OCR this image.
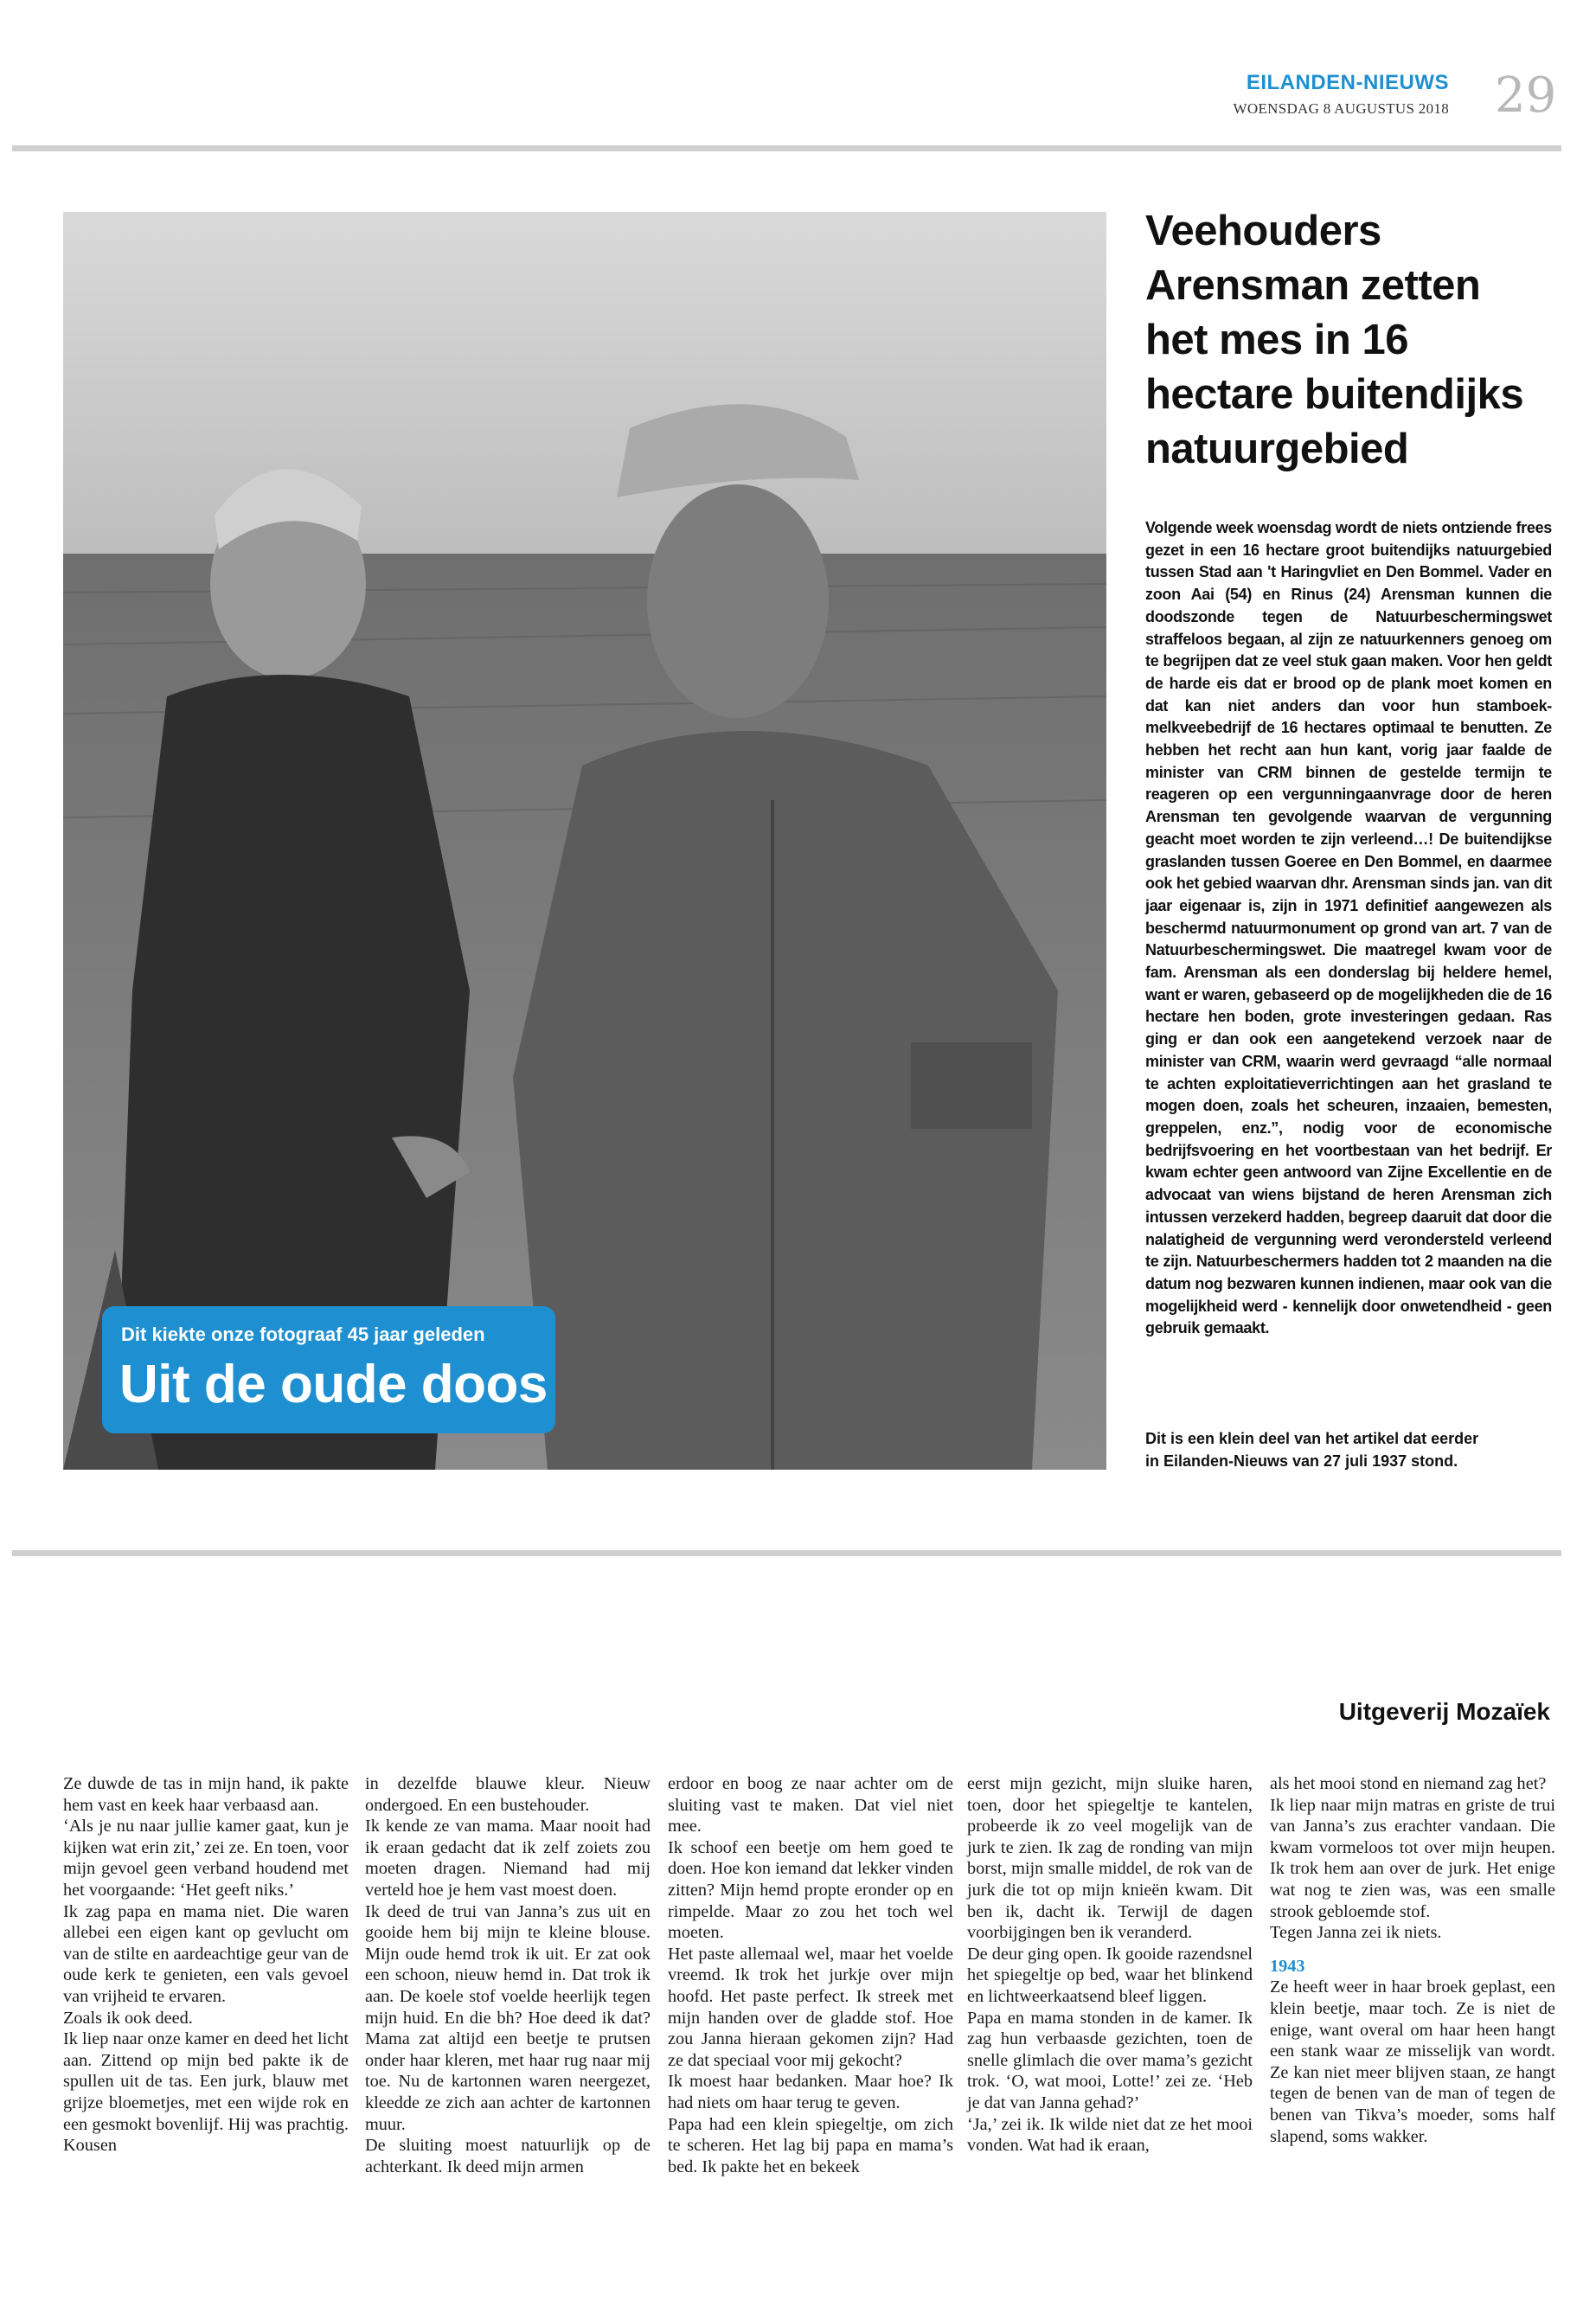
EILANDEN-NIEUWS
WOENSDAG 8 AUGUSTUS 2018 29
Dit kiekte onze fotograaf 45 jaar geleden
Uit de oude doos
Veehouders
Arensman zetten
het mes in 16
hectare buitendijks
natuurgebied
Volgende week woensdag wordt de niets ontziende frees gezet in een 16 hectare groot buitendijks natuurgebied tussen Stad aan 't Haringvliet en Den Bommel. Vader en zoon Aai (54) en Rinus (24) Arensman kunnen die doodszonde tegen de Natuurbeschermingswet straffeloos begaan, al zijn ze natuurkenners genoeg om te begrijpen dat ze veel stuk gaan maken. Voor hen geldt de harde eis dat er brood op de plank moet komen en dat kan niet anders dan voor hun stamboek-melkveebedrijf de 16 hectares optimaal te benutten. Ze hebben het recht aan hun kant, vorig jaar faalde de minister van CRM binnen de gestelde termijn te reageren op een vergunningaanvrage door de heren Arensman ten gevolgende waarvan de vergunning geacht moet worden te zijn verleend…! De buitendijkse graslanden tussen Goeree en Den Bommel, en daarmee ook het gebied waarvan dhr. Arensman sinds jan. van dit jaar eigenaar is, zijn in 1971 definitief aangewezen als beschermd natuurmonument op grond van art. 7 van de Natuurbeschermingswet. Die maatregel kwam voor de fam. Arensman als een donderslag bij heldere hemel, want er waren, gebaseerd op de mogelijkheden die de 16 hectare hen boden, grote investeringen gedaan. Ras ging er dan ook een aangetekend verzoek naar de minister van CRM, waarin werd gevraagd “alle normaal te achten exploitatieverrichtingen aan het grasland te mogen doen, zoals het scheuren, inzaaien, bemesten, greppelen, enz.”, nodig voor de economische bedrijfsvoering en het voortbestaan van het bedrijf. Er kwam echter geen antwoord van Zijne Excellentie en de advocaat van wiens bijstand de heren Arensman zich intussen verzekerd hadden, begreep daaruit dat door die nalatigheid de vergunning werd verondersteld verleend te zijn. Natuurbeschermers hadden tot 2 maanden na die datum nog bezwaren kunnen indienen, maar ook van die mogelijkheid werd - kennelijk door onwetendheid - geen gebruik gemaakt.
Dit is een klein deel van het artikel dat eerder
in Eilanden-Nieuws van 27 juli 1937 stond.
Uitgeverij Mozaïek

Ze duwde de tas in mijn hand, ik pakte hem vast en keek haar verbaasd aan.

‘Als je nu naar jullie kamer gaat, kun je kijken wat erin zit,’ zei ze. En toen, voor mijn gevoel geen verband houdend met het voorgaande: ‘Het geeft niks.’

Ik zag papa en mama niet. Die waren allebei een eigen kant op gevlucht om van de stilte en aardeachtige geur van de oude kerk te genieten, een vals gevoel van vrijheid te ervaren.

Zoals ik ook deed.

Ik liep naar onze kamer en deed het licht aan. Zittend op mijn bed pakte ik de spullen uit de tas. Een jurk, blauw met grijze bloemetjes, met een wijde rok en een gesmokt bovenlijf. Hij was prachtig. Kousen

in dezelfde blauwe kleur. Nieuw ondergoed. En een bustehouder.

Ik kende ze van mama. Maar nooit had ik eraan gedacht dat ik zelf zoiets zou moeten dragen. Niemand had mij verteld hoe je hem vast moest doen.

Ik deed de trui van Janna’s zus uit en gooide hem bij mijn te kleine blouse. Mijn oude hemd trok ik uit. Er zat ook een schoon, nieuw hemd in. Dat trok ik aan. De koele stof voelde heerlijk tegen mijn huid. En die bh? Hoe deed ik dat? Mama zat altijd een beetje te prutsen onder haar kleren, met haar rug naar mij toe. Nu de kartonnen waren neergezet, kleedde ze zich aan achter de kartonnen muur.

De sluiting moest natuurlijk op de achterkant. Ik deed mijn armen

erdoor en boog ze naar achter om de sluiting vast te maken. Dat viel niet mee.

Ik schoof een beetje om hem goed te doen. Hoe kon iemand dat lekker vinden zitten? Mijn hemd propte eronder op en rimpelde. Maar zo zou het toch wel moeten.

Het paste allemaal wel, maar het voelde vreemd. Ik trok het jurkje over mijn hoofd. Het paste perfect. Ik streek met mijn handen over de gladde stof. Hoe zou Janna hieraan gekomen zijn? Had ze dat speciaal voor mij gekocht?

Ik moest haar bedanken. Maar hoe? Ik had niets om haar terug te geven.

Papa had een klein spiegeltje, om zich te scheren. Het lag bij papa en mama’s bed. Ik pakte het en bekeek

eerst mijn gezicht, mijn sluike haren, toen, door het spiegeltje te kantelen, probeerde ik zo veel mogelijk van de jurk te zien. Ik zag de ronding van mijn borst, mijn smalle middel, de rok van de jurk die tot op mijn knieën kwam. Dit ben ik, dacht ik. Terwijl de dagen voorbijgingen ben ik veranderd.

De deur ging open. Ik gooide razendsnel het spiegeltje op bed, waar het blinkend en lichtweerkaatsend bleef liggen.

Papa en mama stonden in de kamer. Ik zag hun verbaasde gezichten, toen de snelle glimlach die over mama’s gezicht trok. ‘O, wat mooi, Lotte!’ zei ze. ‘Heb je dat van Janna gehad?’

‘Ja,’ zei ik. Ik wilde niet dat ze het mooi vonden. Wat had ik eraan,

als het mooi stond en niemand zag het?

Ik liep naar mijn matras en griste de trui van Janna’s zus erachter vandaan. Die kwam vormeloos tot over mijn heupen. Ik trok hem aan over de jurk. Het enige wat nog te zien was, was een smalle strook gebloemde stof.

Tegen Janna zei ik niets.

1943

Ze heeft weer in haar broek geplast, een klein beetje, maar toch. Ze is niet de enige, want overal om haar heen hangt een stank waar ze misselijk van wordt. Ze kan niet meer blijven staan, ze hangt tegen de benen van de man of tegen de benen van Tikva’s moeder, soms half slapend, soms wakker.
